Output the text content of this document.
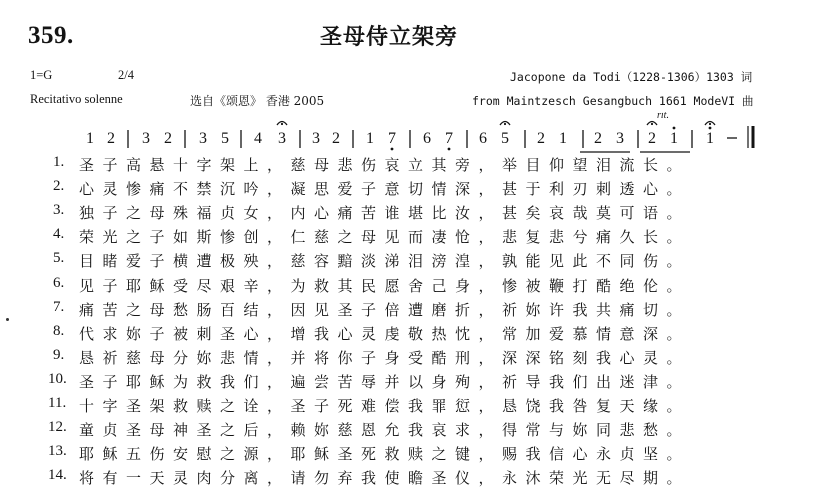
359.	圣母侍立架旁
1=G	2/4	Jacopone da Todi（1228-1306）1303 词
Recitativo solenne	选自《颂恩》 香港 2005	from Maintzesch Gesangbuch 1661 ModeVI 曲
1 2 3 2 3 5 4 3 3 2 1 7 6 7 6 5 2 1 2 3 2 1 1
rit.
1. 圣子高悬十字架上，慈母悲伤哀立其旁，举目仰望泪流长。
2. 心灵惨痛不禁沉吟，凝思爱子意切情深，甚于利刃刺透心。
3. 独子之母殊福贞女，内心痛苦谁堪比汝，甚矣哀哉莫可语。
4. 荣光之子如斯惨创，仁慈之母见而凄怆，悲复悲兮痛久长。
5. 目睹爱子横遭极殃，慈容黯淡涕泪滂湟，孰能见此不同伤。
6. 见子耶稣受尽艰辛，为救其民愿舍己身，惨被鞭打酷绝伦。
7. 痛苦之母愁肠百结，因见圣子倍遭磨折，祈妳许我共痛切。
8. 代求妳子被刺圣心，增我心灵虔敬热忱，常加爱慕情意深。
9. 恳祈慈母分妳悲情，并将你子身受酷刑，深深铭刻我心灵。
10. 圣子耶稣为救我们，遍尝苦辱并以身殉，祈导我们出迷津。
11. 十字圣架救赎之诠，圣子死难偿我罪愆，恳饶我咎复天缘。
12. 童贞圣母神圣之后，赖妳慈恩允我哀求，得常与妳同悲愁。
13. 耶稣五伤安慰之源，耶稣圣死救赎之键，赐我信心永贞坚。
14. 将有一天灵肉分离，请勿弃我使瞻圣仪，永沐荣光无尽期。
